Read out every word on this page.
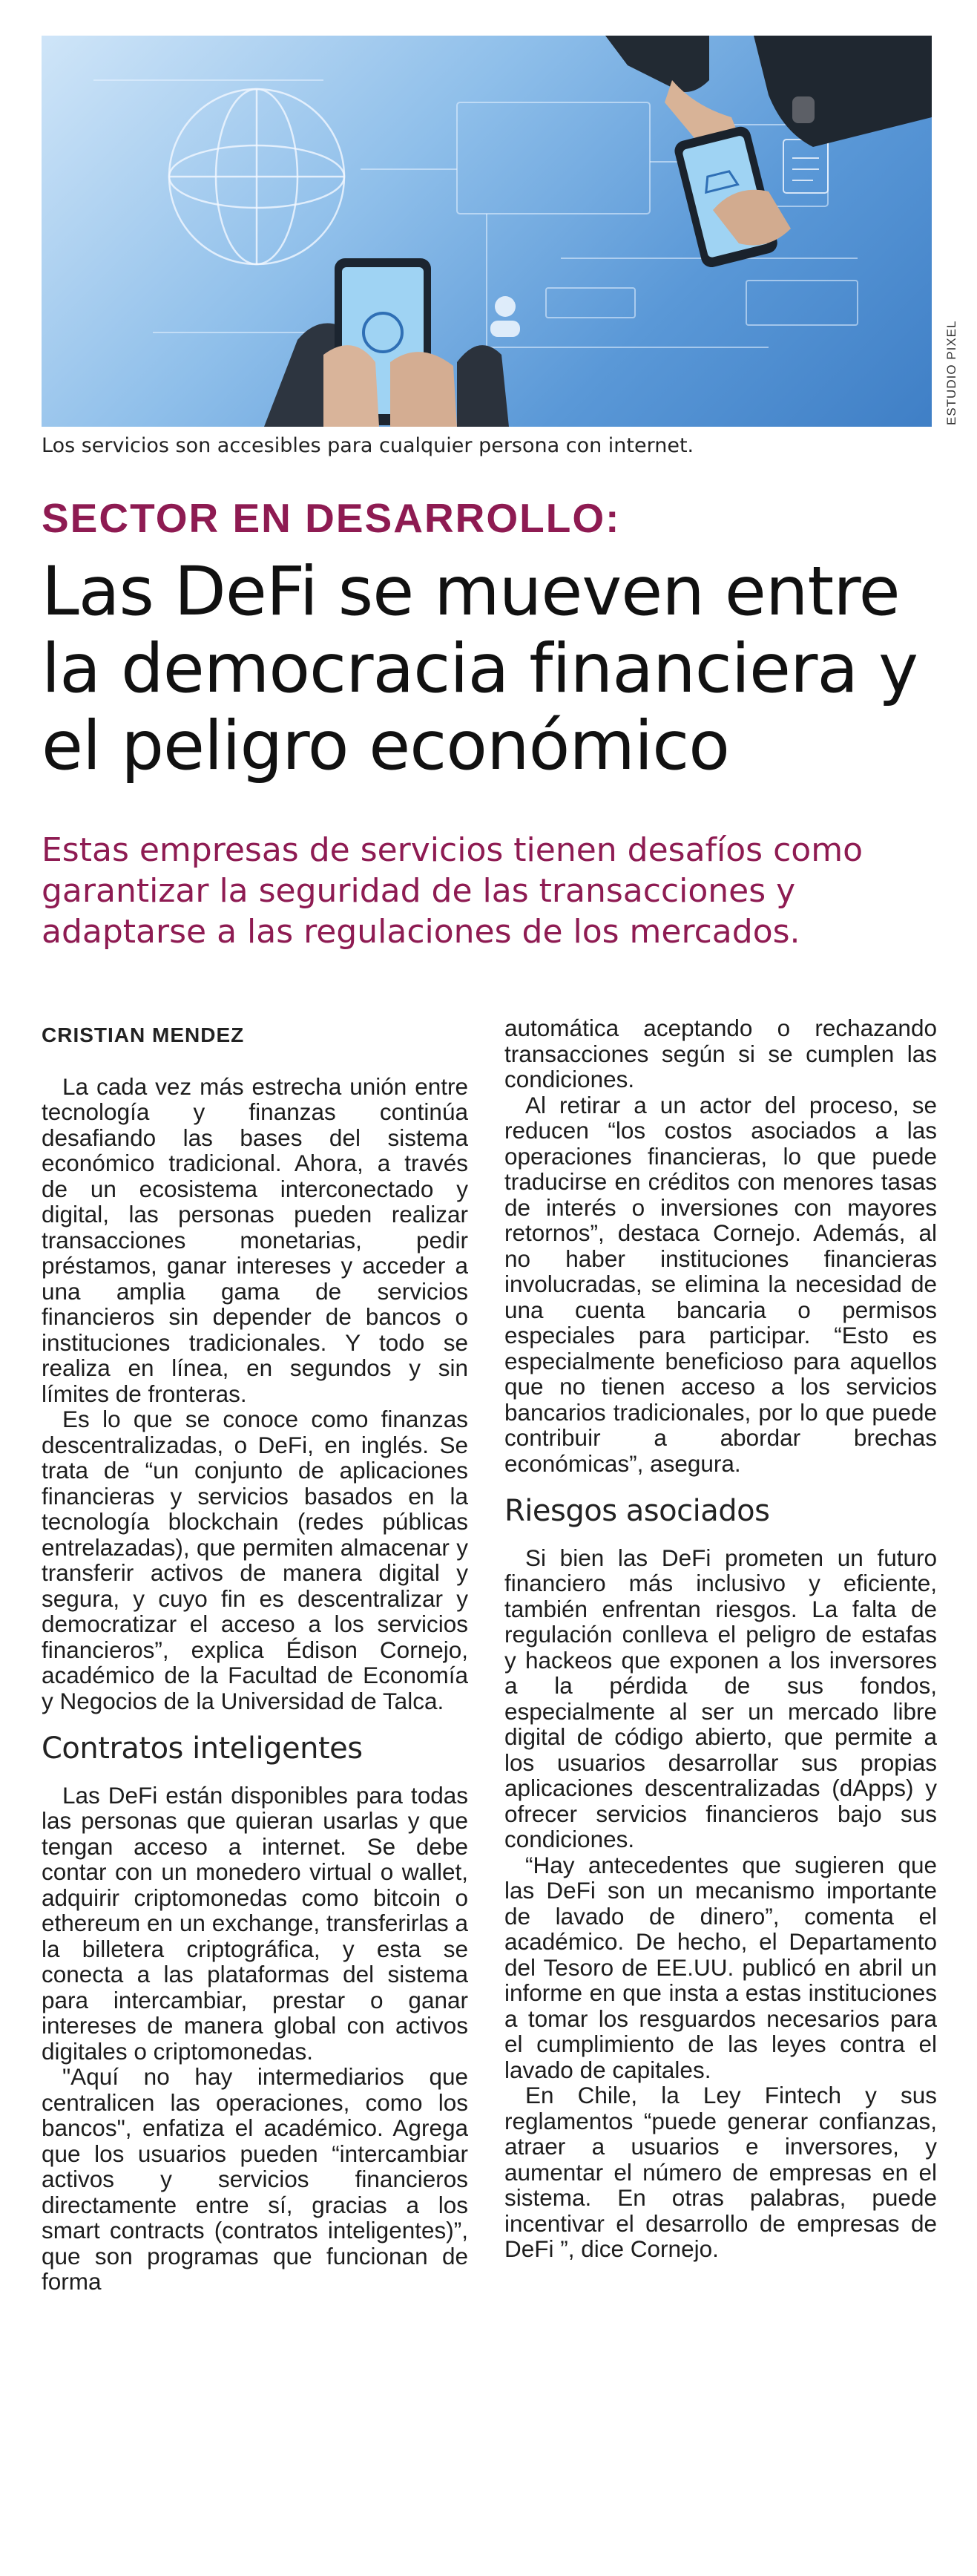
ESTUDIO PIXEL
Los servicios son accesibles para cualquier persona con internet.
SECTOR EN DESARROLLO:
Las DeFi se mueven entre la democracia financiera y el peligro económico

Estas empresas de servicios tienen desafíos como garantizar la seguridad de las transacciones y adaptarse a las regulaciones de los mercados.

CRISTIAN MENDEZ

La cada vez más estrecha unión entre tecnología y finanzas continúa desafiando las bases del sistema económico tradicional. Ahora, a través de un ecosistema interconectado y digital, las personas pueden realizar transacciones monetarias, pedir préstamos, ganar intereses y acceder a una amplia gama de servicios financieros sin depender de bancos o instituciones tradicionales. Y todo se realiza en línea, en segundos y sin límites de fronteras.

Es lo que se conoce como finanzas descentralizadas, o DeFi, en inglés. Se trata de “un conjunto de aplicaciones financieras y servicios basados en la tecnología blockchain (redes públicas entrelazadas), que permiten almacenar y transferir activos de manera digital y segura, y cuyo fin es descentralizar y democratizar el acceso a los servicios financieros”, explica Édison Cornejo, académico de la Facultad de Economía y Negocios de la Universidad de Talca.

Contratos inteligentes

Las DeFi están disponibles para todas las personas que quieran usarlas y que tengan acceso a internet. Se debe contar con un monedero virtual o wallet, adquirir criptomonedas como bitcoin o ethereum en un exchange, transferirlas a la billetera criptográfica, y esta se conecta a las plataformas del sistema para intercambiar, prestar o ganar intereses de manera global con activos digitales o criptomonedas.

"Aquí no hay intermediarios que centralicen las operaciones, como los bancos", enfatiza el académico. Agrega que los usuarios pueden “intercambiar activos y servicios financieros directamente entre sí, gracias a los smart contracts (contratos inteligentes)”, que son programas que funcionan de forma

automática aceptando o rechazando transacciones según si se cumplen las condiciones.

Al retirar a un actor del proceso, se reducen “los costos asociados a las operaciones financieras, lo que puede traducirse en créditos con menores tasas de interés o inversiones con mayores retornos”, destaca Cornejo. Además, al no haber instituciones financieras involucradas, se elimina la necesidad de una cuenta bancaria o permisos especiales para participar. “Esto es especialmente beneficioso para aquellos que no tienen acceso a los servicios bancarios tradicionales, por lo que puede contribuir a abordar brechas económicas”, asegura.

Riesgos asociados

Si bien las DeFi prometen un futuro financiero más inclusivo y eficiente, también enfrentan riesgos. La falta de regulación conlleva el peligro de estafas y hackeos que exponen a los inversores a la pérdida de sus fondos, especialmente al ser un mercado libre digital de código abierto, que permite a los usuarios desarrollar sus propias aplicaciones descentralizadas (dApps) y ofrecer servicios financieros bajo sus condiciones.

“Hay antecedentes que sugieren que las DeFi son un mecanismo importante de lavado de dinero”, comenta el académico. De hecho, el Departamento del Tesoro de EE.UU. publicó en abril un informe en que insta a estas instituciones a tomar los resguardos necesarios para el cumplimiento de las leyes contra el lavado de capitales.

En Chile, la Ley Fintech y sus reglamentos “puede generar confianzas, atraer a usuarios e inversores, y aumentar el número de empresas en el sistema. En otras palabras, puede incentivar el desarrollo de empresas de DeFi ”, dice Cornejo.
